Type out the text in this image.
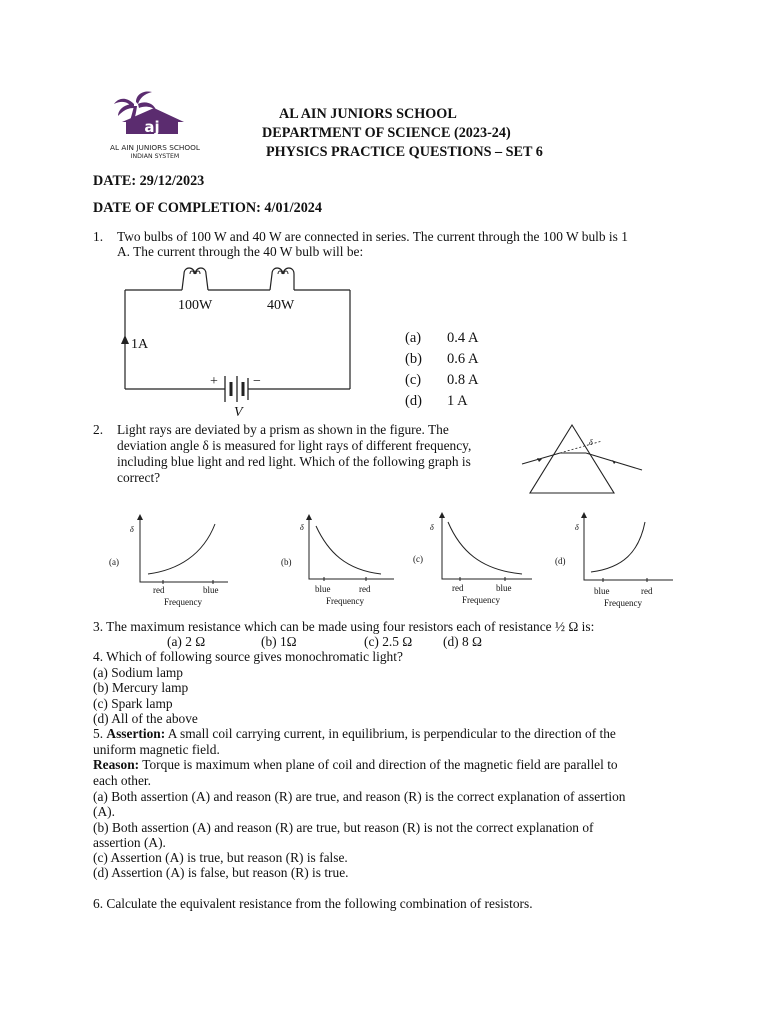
aj
AL AIN JUNIORS SCHOOL
INDIAN SYSTEM
AL AIN JUNIORS SCHOOL
DEPARTMENT OF SCIENCE (2023-24)
PHYSICS PRACTICE QUESTIONS – SET 6
DATE: 29/12/2023
DATE OF COMPLETION: 4/01/2024
1. Two bulbs of 100 W and 40 W are connected in series. The current through the 100 W bulb is 1
A. The current through the 40 W bulb will be:
100W	40W
1A
+	−
V
(a) 0.4 A
(b) 0.6 A
(c) 0.8 A
(d) 1 A
2. Light rays are deviated by a prism as shown in the figure. The
deviation angle δ is measured for light rays of different frequency,
including blue light and red light. Which of the following graph is
correct?
δ
(a)
δ
red	blue
Frequency
(b)
δ
blue	red
Frequency
(c)
δ
red	blue
Frequency
(d)
δ
blue	red
Frequency
3. The maximum resistance which can be made using four resistors each of resistance ½ Ω is:
(a) 2 Ω	(b) 1Ω	(c) 2.5 Ω (d) 8 Ω
4. Which of following source gives monochromatic light?
(a) Sodium lamp
(b) Mercury lamp
(c) Spark lamp
(d) All of the above
5. Assertion: A small coil carrying current, in equilibrium, is perpendicular to the direction of the
uniform magnetic field.
Reason: Torque is maximum when plane of coil and direction of the magnetic field are parallel to
each other.
(a) Both assertion (A) and reason (R) are true, and reason (R) is the correct explanation of assertion
(A).
(b) Both assertion (A) and reason (R) are true, but reason (R) is not the correct explanation of
assertion (A).
(c) Assertion (A) is true, but reason (R) is false.
(d) Assertion (A) is false, but reason (R) is true.
6. Calculate the equivalent resistance from the following combination of resistors.
